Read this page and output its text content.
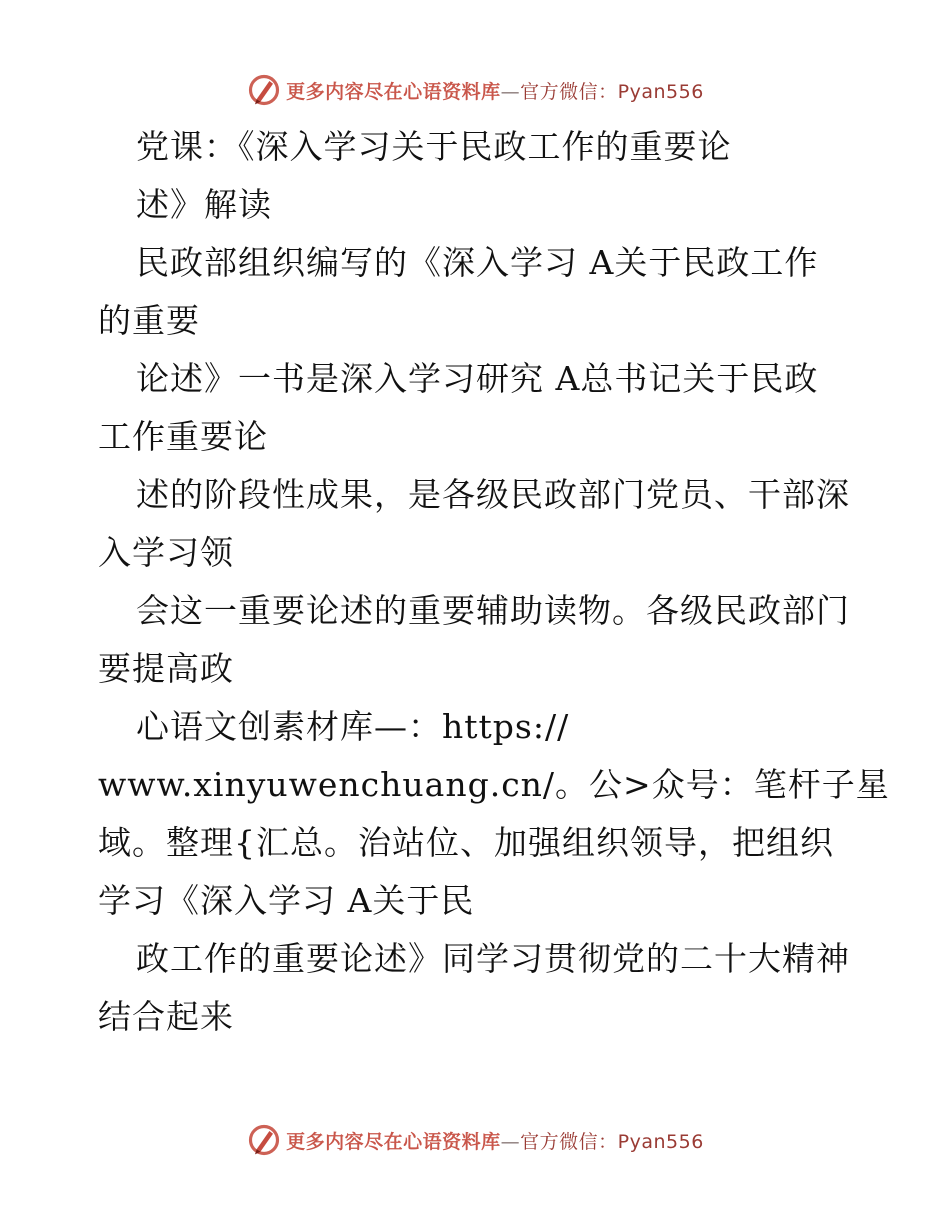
更多内容尽在心语资料库—官方微信：Pyan556
党课：《深入学习关于民政工作的重要论
述》解读
民政部组织编写的《深入学习 A关于民政工作
的重要
论述》一书是深入学习研究 A总书记关于民政
工作重要论
述的阶段性成果，是各级民政部门党员、干部深
入学习领
会这一重要论述的重要辅助读物。各级民政部门
要提高政
心语文创素材库—：https://
www.xinyuwenchuang.cn/。公>众号：笔杆子星
域。整理{汇总。治站位、加强组织领导，把组织
学习《深入学习 A关于民
政工作的重要论述》同学习贯彻党的二十大精神
结合起来
更多内容尽在心语资料库—官方微信：Pyan556
